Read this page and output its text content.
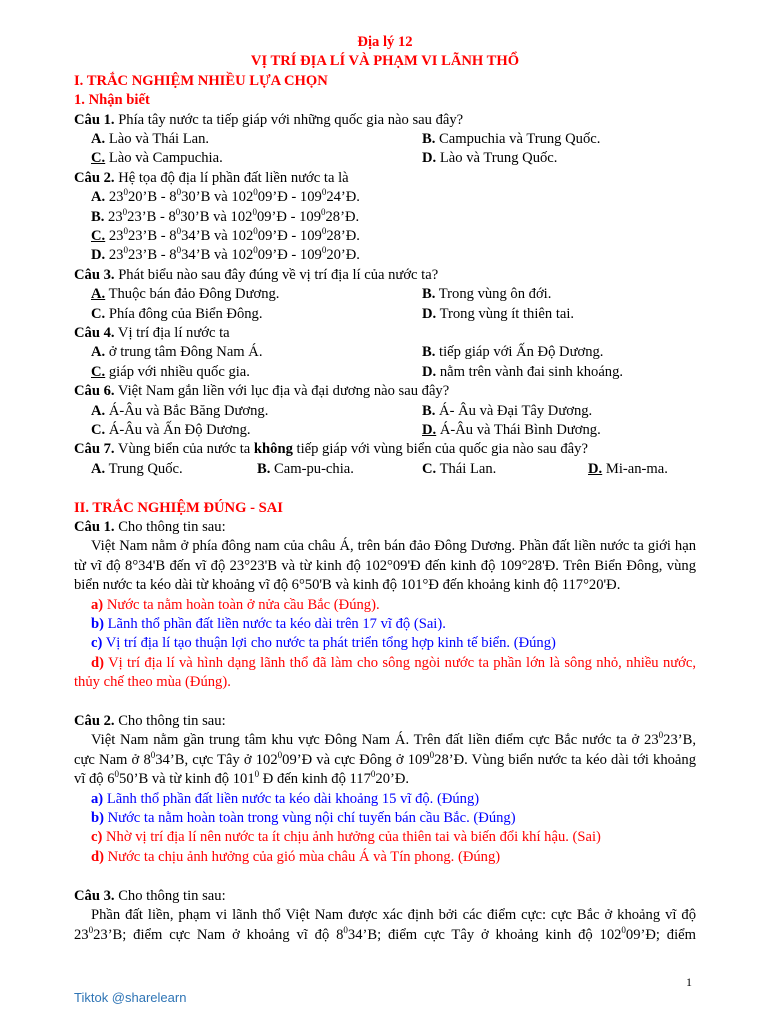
Địa lý 12
VỊ TRÍ ĐỊA LÍ VÀ PHẠM VI LÃNH THỔ
I. TRẮC NGHIỆM NHIỀU LỰA CHỌN
1. Nhận biết
Câu 1. Phía tây nước ta tiếp giáp với những quốc gia nào sau đây?
A. Lào và Thái Lan.	B. Campuchia và Trung Quốc.
C. Lào và Campuchia.	D. Lào và Trung Quốc.
Câu 2. Hệ tọa độ địa lí phần đất liền nước ta là
A. $23^020’B$ - $8^030’B$ và $102^009’Đ$ - $109^024’Đ$.
B. $23^023’B$ - $8^030’B$ và $102^009’Đ$ - $109^028’Đ$.
C. $23^023’B$ - $8^034’B$ và $102^009’Đ$ - $109^028’Đ$.
D. $23^023’B$ - $8^034’B$ và $102^009’Đ$ - $109^020’Đ$.
Câu 3. Phát biểu nào sau đây đúng về vị trí địa lí của nước ta?
A. Thuộc bán đảo Đông Dương.	B. Trong vùng ôn đới.
C. Phía đông của Biển Đông.	D. Trong vùng ít thiên tai.
Câu 4. Vị trí địa lí nước ta
A. ở trung tâm Đông Nam Á.	B. tiếp giáp với Ấn Độ Dương.
C. giáp với nhiều quốc gia.	D. nằm trên vành đai sinh khoáng.
Câu 6. Việt Nam gắn liền với lục địa và đại dương nào sau đây?
A. Á-Âu và Bắc Băng Dương.	B. Á- Âu và Đại Tây Dương.
C. Á-Âu và Ấn Độ Dương.	D. Á-Âu và Thái Bình Dương.
Câu 7. Vùng biển của nước ta không tiếp giáp với vùng biển của quốc gia nào sau đây?
A. Trung Quốc.	B. Cam-pu-chia.	C. Thái Lan.	D. Mi-an-ma.
II. TRẮC NGHIỆM ĐÚNG - SAI
Câu 1. Cho thông tin sau:
Việt Nam nằm ở phía đông nam của châu Á, trên bán đảo Đông Dương. Phần đất liền nước ta giới hạn từ vĩ độ 8°34'B đến vĩ độ 23°23'B và từ kinh độ 102°09'Đ đến kinh độ 109°28'Đ. Trên Biển Đông, vùng biển nước ta kéo dài từ khoảng vĩ độ 6°50'B và kinh độ 101°Đ đến khoảng kinh độ 117°20'Đ.
a) Nước ta nằm hoàn toàn ở nửa cầu Bắc (Đúng).
b) Lãnh thổ phần đất liền nước ta kéo dài trên 17 vĩ độ (Sai).
c) Vị trí địa lí tạo thuận lợi cho nước ta phát triển tổng hợp kinh tế biển. (Đúng)
d) Vị trí địa lí và hình dạng lãnh thổ đã làm cho sông ngòi nước ta phần lớn là sông nhỏ, nhiều nước, thủy chế theo mùa (Đúng).
Câu 2. Cho thông tin sau:
Việt Nam nằm gần trung tâm khu vực Đông Nam Á. Trên đất liền điểm cực Bắc nước ta ở $23^023’B$, cực Nam ở $8^034’B$, cực Tây ở $102^009’Đ$ và cực Đông ở $109^028’Đ$. Vùng biển nước ta kéo dài tới khoảng vĩ độ $6^050’B$ và từ kinh độ $101^0$ Đ đến kinh độ $117^020’Đ$.
a) Lãnh thổ phần đất liền nước ta kéo dài khoảng 15 vĩ độ. (Đúng)
b) Nước ta nằm hoàn toàn trong vùng nội chí tuyến bán cầu Bắc. (Đúng)
c) Nhờ vị trí địa lí nên nước ta ít chịu ảnh hưởng của thiên tai và biến đổi khí hậu. (Sai)
d) Nước ta chịu ảnh hưởng của gió mùa châu Á và Tín phong. (Đúng)
Câu 3. Cho thông tin sau:
Phần đất liền, phạm vi lãnh thổ Việt Nam được xác định bởi các điểm cực: cực Bắc ở khoảng vĩ độ $23^023’B$; điểm cực Nam ở khoảng vĩ độ $8^034’B$; điểm cực Tây ở khoảng kinh độ $102^009’Đ$; điểm
1
Tiktok @sharelearn
